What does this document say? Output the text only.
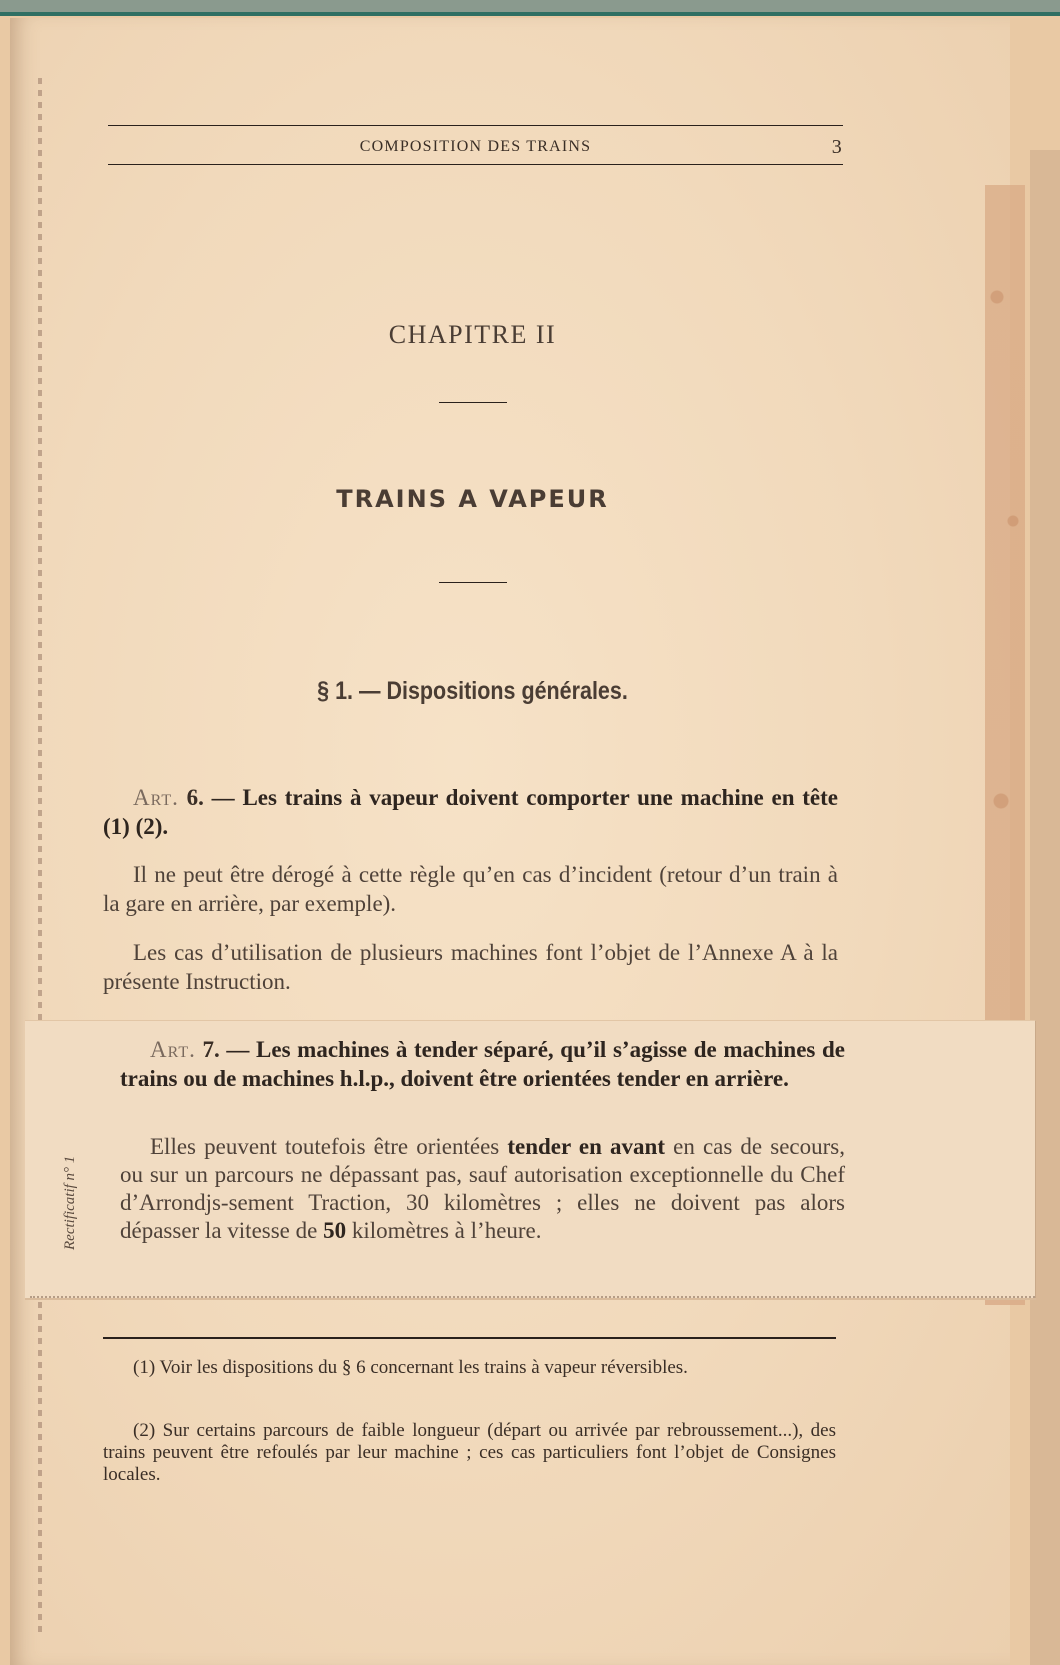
COMPOSITION DES TRAINS	3
CHAPITRE II
TRAINS A VAPEUR
§ 1. — Dispositions générales.
Art. 6. — Les trains à vapeur doivent comporter une machine en tête (1) (2).
Il ne peut être dérogé à cette règle qu’en cas d’incident (retour d’un train à la gare en arrière, par exemple).
Les cas d’utilisation de plusieurs machines font l’objet de l’Annexe A à la présente Instruction.
Rectificatif n° 1
Art. 7. — Les machines à tender séparé, qu’il s’agisse de machines de trains ou de machines h.l.p., doivent être orientées tender en arrière.
Elles peuvent toutefois être orientées tender en avant en cas de secours, ou sur un parcours ne dépassant pas, sauf autorisation exceptionnelle du Chef d’Arrondjs-sement Traction, 30 kilomètres ; elles ne doivent pas alors dépasser la vitesse de 50 kilomètres à l’heure.
(1) Voir les dispositions du § 6 concernant les trains à vapeur réversibles.
(2) Sur certains parcours de faible longueur (départ ou arrivée par rebroussement...), des trains peuvent être refoulés par leur machine ; ces cas particuliers font l’objet de Consignes locales.
